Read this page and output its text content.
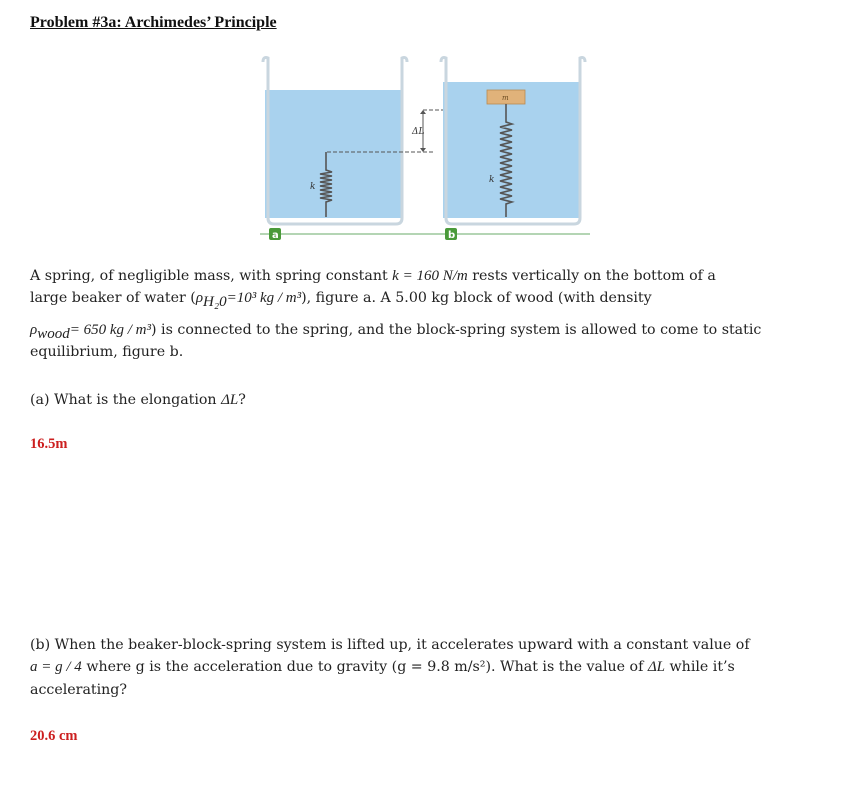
Problem #3a: Archimedes’ Principle
k
ΔL
m
k
a	b
A spring, of negligible mass, with spring constant k = 160 N/m rests vertically on the bottom of a
large beaker of water ($\rho_{H_20}=10^3$ kg / m³), figure a. A 5.00 kg block of wood (with density
$\rho_{wood}= 650$ kg / m³) is connected to the spring, and the block-spring system is allowed to come to static
equilibrium, figure b.
(a) What is the elongation ΔL?
16.5m
(b) When the beaker-block-spring system is lifted up, it accelerates upward with a constant value of
a = g / 4 where g is the acceleration due to gravity (g = 9.8 m/s²). What is the value of ΔL while it’s
accelerating?
20.6 cm
